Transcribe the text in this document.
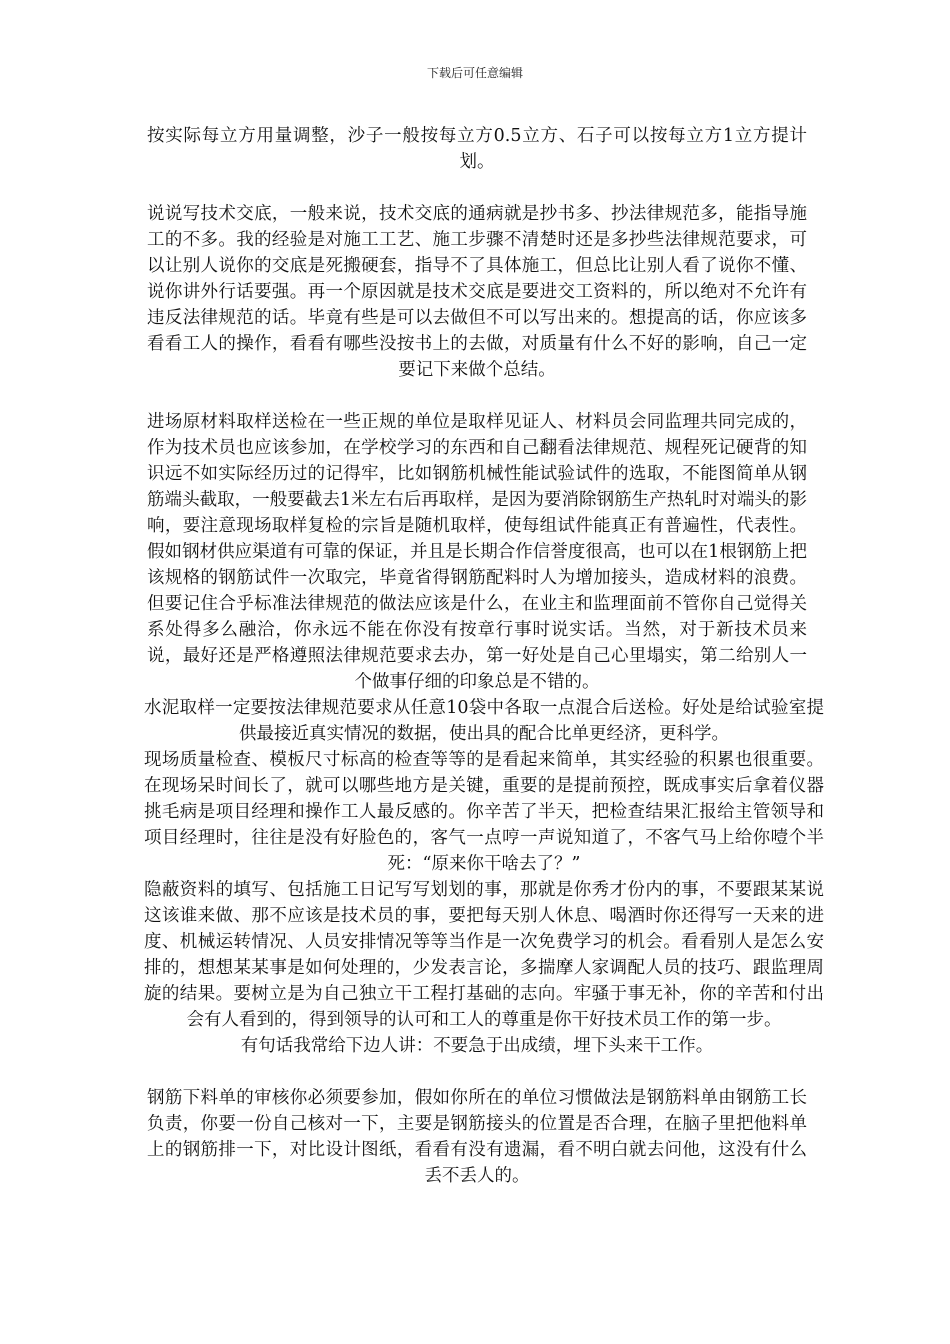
下载后可任意编辑

按实际每立方用量调整，沙子一般按每立方0.5立方、石子可以按每立方1立方提计划。

说说写技术交底，一般来说，技术交底的通病就是抄书多、抄法律规范多，能指导施工的不多。我的经验是对施工工艺、施工步骤不清楚时还是多抄些法律规范要求，可以让别人说你的交底是死搬硬套，指导不了具体施工，但总比让别人看了说你不懂、说你讲外行话要强。再一个原因就是技术交底是要进交工资料的，所以绝对不允许有违反法律规范的话。毕竟有些是可以去做但不可以写出来的。想提高的话，你应该多看看工人的操作，看看有哪些没按书上的去做，对质量有什么不好的影响，自己一定要记下来做个总结。

进场原材料取样送检在一些正规的单位是取样见证人、材料员会同监理共同完成的，作为技术员也应该参加，在学校学习的东西和自己翻看法律规范、规程死记硬背的知识远不如实际经历过的记得牢，比如钢筋机械性能试验试件的选取，不能图简单从钢筋端头截取，一般要截去1米左右后再取样，是因为要消除钢筋生产热轧时对端头的影响，要注意现场取样复检的宗旨是随机取样，使每组试件能真正有普遍性，代表性。假如钢材供应渠道有可靠的保证，并且是长期合作信誉度很高，也可以在1根钢筋上把该规格的钢筋试件一次取完，毕竟省得钢筋配料时人为增加接头，造成材料的浪费。但要记住合乎标准法律规范的做法应该是什么，在业主和监理面前不管你自己觉得关系处得多么融洽，你永远不能在你没有按章行事时说实话。当然，对于新技术员来说，最好还是严格遵照法律规范要求去办，第一好处是自己心里塌实，第二给别人一个做事仔细的印象总是不错的。

水泥取样一定要按法律规范要求从任意10袋中各取一点混合后送检。好处是给试验室提供最接近真实情况的数据，使出具的配合比单更经济，更科学。

现场质量检查、模板尺寸标高的检查等等的是看起来简单，其实经验的积累也很重要。在现场呆时间长了，就可以哪些地方是关键，重要的是提前预控，既成事实后拿着仪器挑毛病是项目经理和操作工人最反感的。你辛苦了半天，把检查结果汇报给主管领导和项目经理时，往往是没有好脸色的，客气一点哼一声说知道了，不客气马上给你噎个半死：“原来你干啥去了？”

隐蔽资料的填写、包括施工日记写写划划的事，那就是你秀才份内的事，不要跟某某说这该谁来做、那不应该是技术员的事，要把每天别人休息、喝酒时你还得写一天来的进度、机械运转情况、人员安排情况等等当作是一次免费学习的机会。看看别人是怎么安排的，想想某某事是如何处理的，少发表言论，多揣摩人家调配人员的技巧、跟监理周旋的结果。要树立是为自己独立干工程打基础的志向。牢骚于事无补，你的辛苦和付出会有人看到的，得到领导的认可和工人的尊重是你干好技术员工作的第一步。

有句话我常给下边人讲：不要急于出成绩，埋下头来干工作。

钢筋下料单的审核你必须要参加，假如你所在的单位习惯做法是钢筋料单由钢筋工长负责，你要一份自己核对一下，主要是钢筋接头的位置是否合理，在脑子里把他料单上的钢筋排一下，对比设计图纸，看看有没有遗漏，看不明白就去问他，这没有什么丢不丢人的。
